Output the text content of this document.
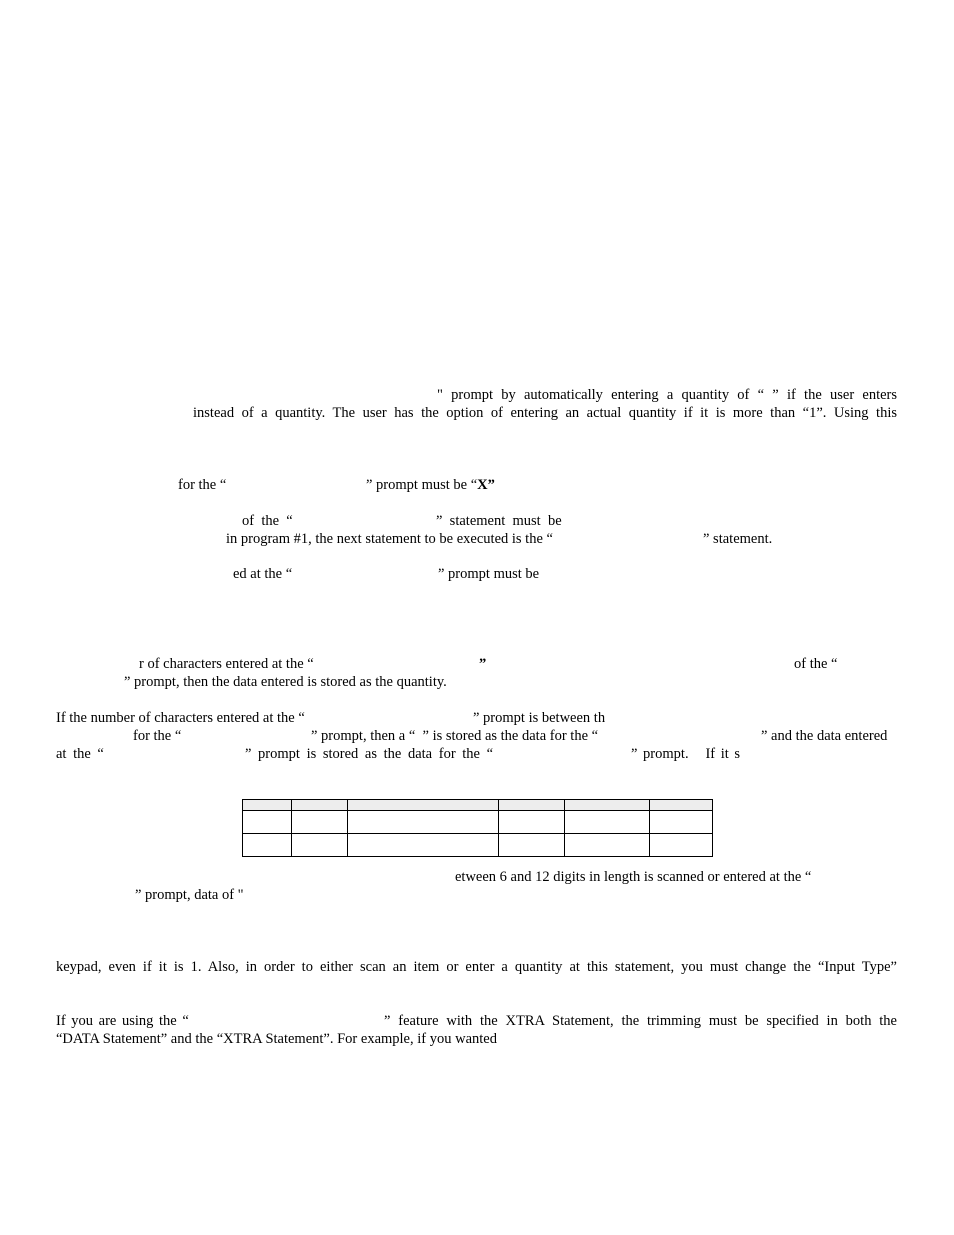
" prompt by automatically entering a quantity of “ ” if the user enters
instead of a quantity. The user has the option of entering an actual quantity if it is more than “1”. Using this
for the “	” prompt must be “X”
of  the  “	”  statement  must  be
in program #1, the next statement to be executed is the “	” statement.
ed at the “	” prompt must be
r of characters entered at the “	”	of the “
” prompt, then the data entered is stored as the quantity.
If the number of characters entered at the “	” prompt is between th
for the “	” prompt, then a “  ” is stored as the data for the “	” and the data entered
at the “	” prompt is stored as the data for the “	” prompt.   If it s

etween 6 and 12 digits in length is scanned or entered at the “
” prompt, data of "
keypad, even if it is 1. Also, in order to either scan an item or enter a quantity at this statement, you must change the “Input Type”
If you are using the “	” feature with the XTRA Statement, the trimming must be specified in both the
“DATA Statement” and the “XTRA Statement”. For example, if you wanted
